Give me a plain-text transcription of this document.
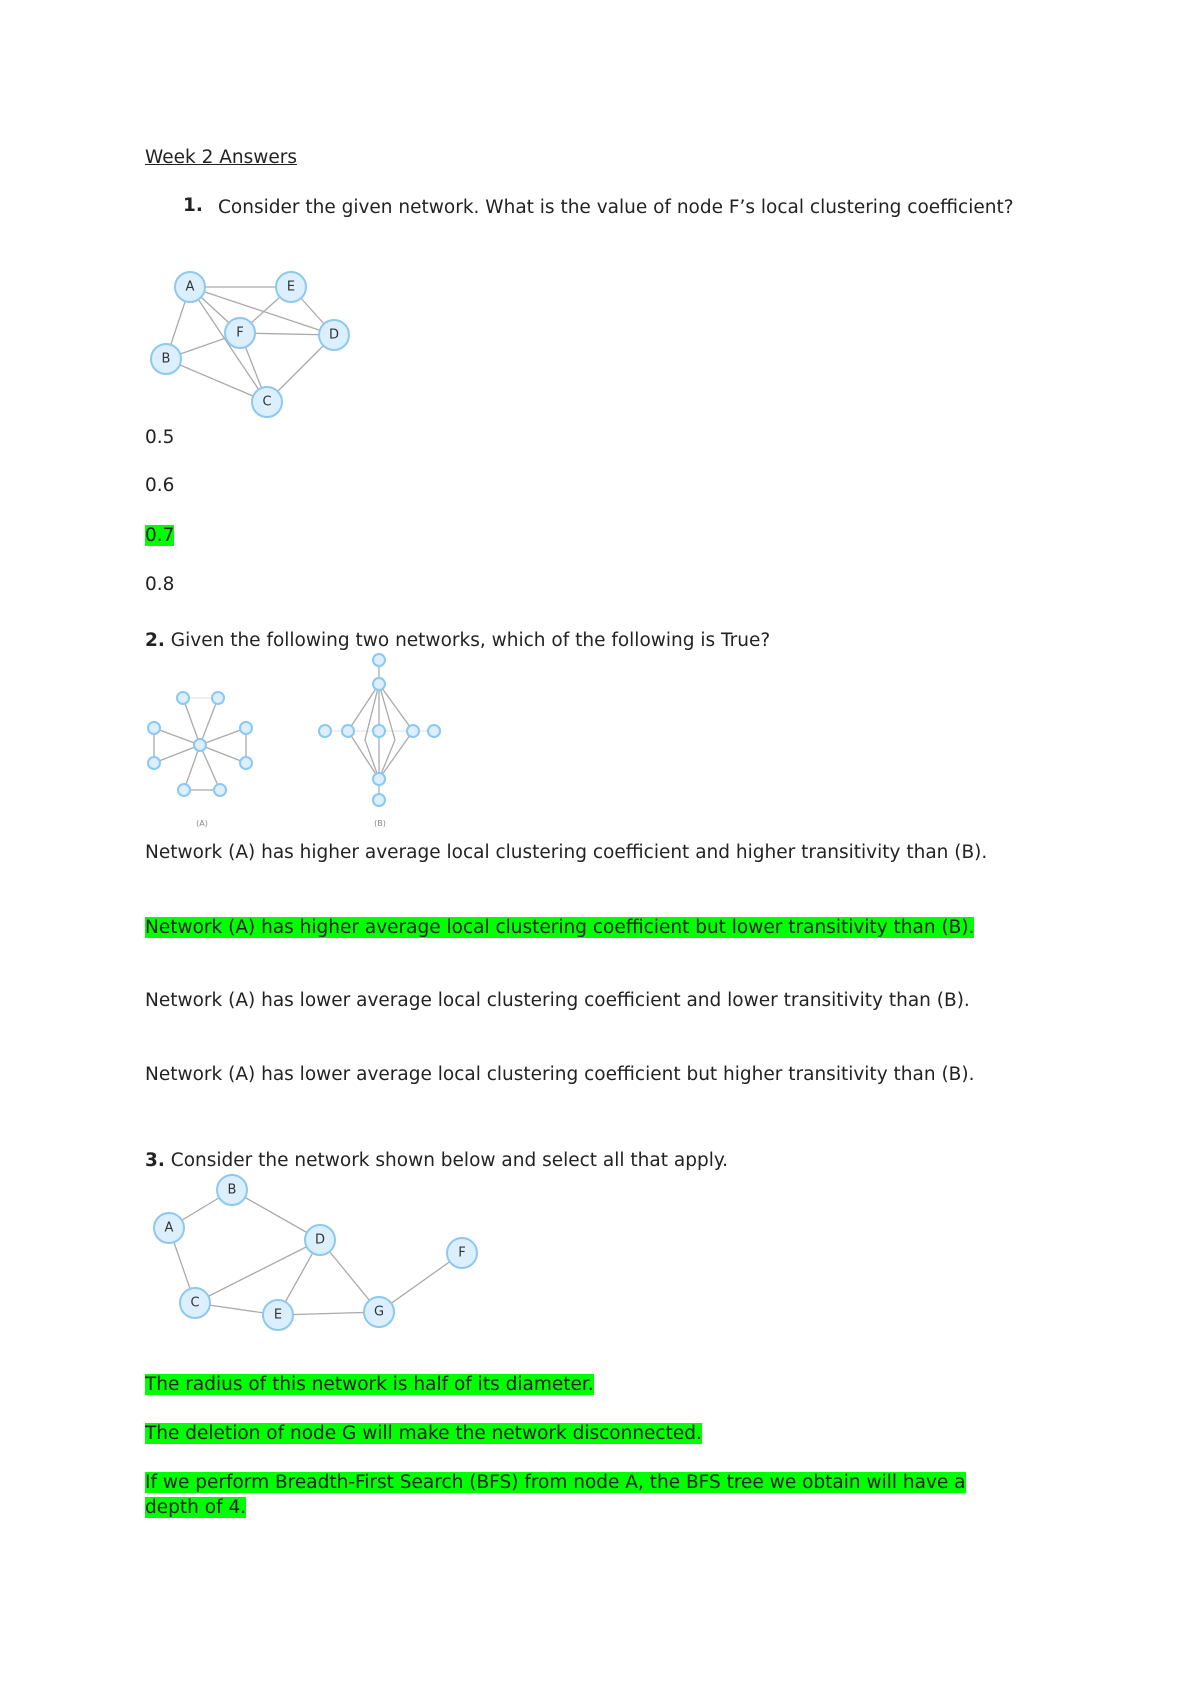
Week 2 Answers
1. Consider the given network. What is the value of node F’s local clustering coefficient?
A	E
F	D
B
C
(A)	(B)
A
B
C
D
E
F
G
0.5
0.6
0.7
0.8
2. Given the following two networks, which of the following is True?
Network (A) has higher average local clustering coefficient and higher transitivity than (B).
Network (A) has higher average local clustering coefficient but lower transitivity than (B).
Network (A) has lower average local clustering coefficient and lower transitivity than (B).
Network (A) has lower average local clustering coefficient but higher transitivity than (B).
3. Consider the network shown below and select all that apply.
The radius of this network is half of its diameter.
The deletion of node G will make the network disconnected.
If we perform Breadth-First Search (BFS) from node A, the BFS tree we obtain will have a depth of 4.
